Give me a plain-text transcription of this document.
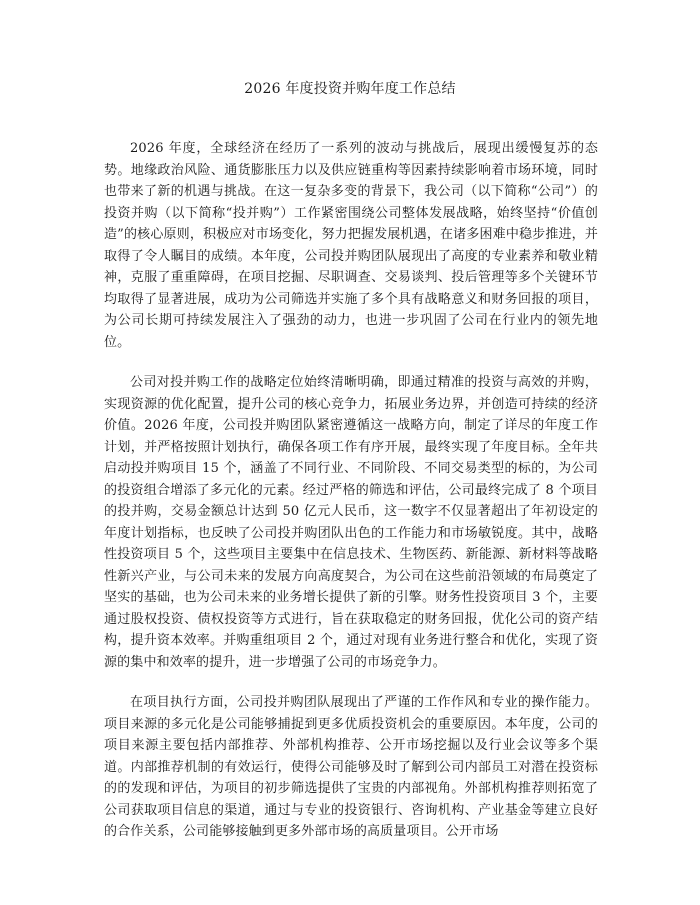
2026 年度投资并购年度工作总结

2026 年度，全球经济在经历了一系列的波动与挑战后，展现出缓慢复苏的态势。地缘政治风险、通货膨胀压力以及供应链重构等因素持续影响着市场环境，同时也带来了新的机遇与挑战。在这一复杂多变的背景下，我公司（以下简称“公司”）的投资并购（以下简称“投并购”）工作紧密围绕公司整体发展战略，始终坚持“价值创造”的核心原则，积极应对市场变化，努力把握发展机遇，在诸多困难中稳步推进，并取得了令人瞩目的成绩。本年度，公司投并购团队展现出了高度的专业素养和敬业精神，克服了重重障碍，在项目挖掘、尽职调查、交易谈判、投后管理等多个关键环节均取得了显著进展，成功为公司筛选并实施了多个具有战略意义和财务回报的项目，为公司长期可持续发展注入了强劲的动力，也进一步巩固了公司在行业内的领先地位。

公司对投并购工作的战略定位始终清晰明确，即通过精准的投资与高效的并购，实现资源的优化配置，提升公司的核心竞争力，拓展业务边界，并创造可持续的经济价值。2026 年度，公司投并购团队紧密遵循这一战略方向，制定了详尽的年度工作计划，并严格按照计划执行，确保各项工作有序开展，最终实现了年度目标。全年共启动投并购项目 15 个，涵盖了不同行业、不同阶段、不同交易类型的标的，为公司的投资组合增添了多元化的元素。经过严格的筛选和评估，公司最终完成了 8 个项目的投并购，交易金额总计达到 50 亿元人民币，这一数字不仅显著超出了年初设定的年度计划指标，也反映了公司投并购团队出色的工作能力和市场敏锐度。其中，战略性投资项目 5 个，这些项目主要集中在信息技术、生物医药、新能源、新材料等战略性新兴产业，与公司未来的发展方向高度契合，为公司在这些前沿领域的布局奠定了坚实的基础，也为公司未来的业务增长提供了新的引擎。财务性投资项目 3 个，主要通过股权投资、债权投资等方式进行，旨在获取稳定的财务回报，优化公司的资产结构，提升资本效率。并购重组项目 2 个，通过对现有业务进行整合和优化，实现了资源的集中和效率的提升，进一步增强了公司的市场竞争力。

在项目执行方面，公司投并购团队展现出了严谨的工作作风和专业的操作能力。项目来源的多元化是公司能够捕捉到更多优质投资机会的重要原因。本年度，公司的项目来源主要包括内部推荐、外部机构推荐、公开市场挖掘以及行业会议等多个渠道。内部推荐机制的有效运行，使得公司能够及时了解到公司内部员工对潜在投资标的的发现和评估，为项目的初步筛选提供了宝贵的内部视角。外部机构推荐则拓宽了公司获取项目信息的渠道，通过与专业的投资银行、咨询机构、产业基金等建立良好的合作关系，公司能够接触到更多外部市场的高质量项目。公开市场
